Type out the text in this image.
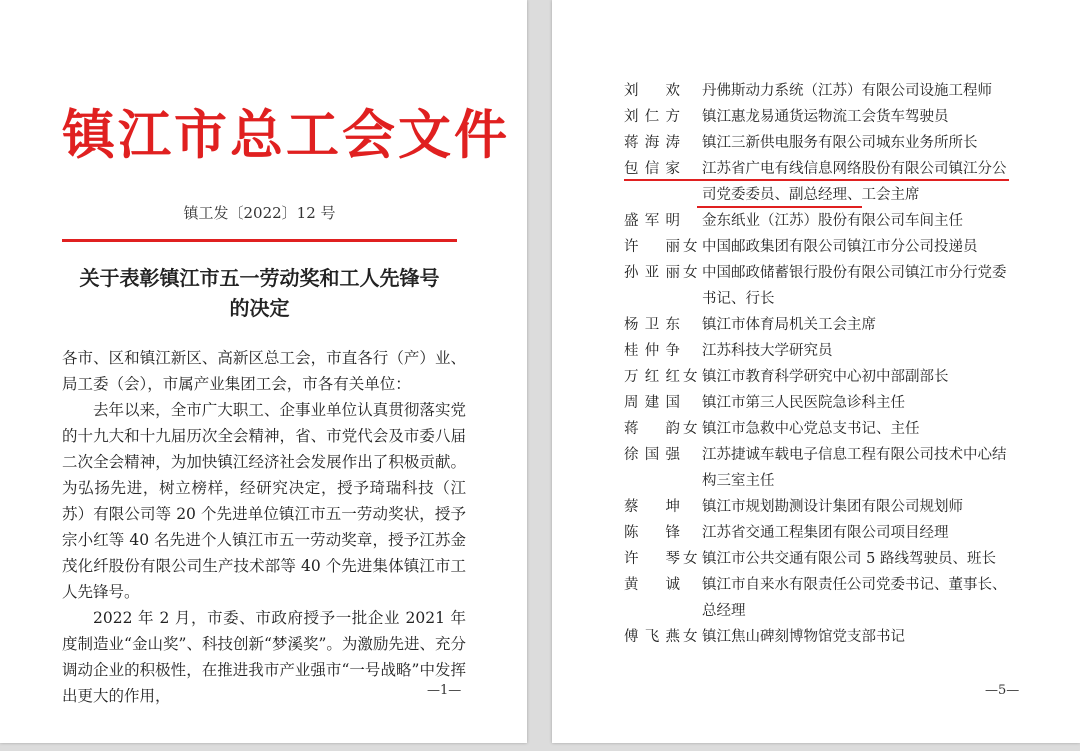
镇江市总工会文件
镇工发〔2022〕12 号
关于表彰镇江市五一劳动奖和工人先锋号
的决定

各市、区和镇江新区、高新区总工会，市直各行（产）业、局工委（会），市属产业集团工会，市各有关单位：

去年以来，全市广大职工、企事业单位认真贯彻落实党的十九大和十九届历次全会精神，省、市党代会及市委八届二次全会精神，为加快镇江经济社会发展作出了积极贡献。为弘扬先进，树立榜样，经研究决定，授予琦瑞科技（江苏）有限公司等 20 个先进单位镇江市五一劳动奖状，授予宗小红等 40 名先进个人镇江市五一劳动奖章，授予江苏金茂化纤股份有限公司生产技术部等 40 个先进集体镇江市工人先锋号。

2022 年 2 月，市委、市政府授予一批企业 2021 年度制造业“金山奖”、科技创新“梦溪奖”。为激励先进、充分调动企业的积极性，在推进我市产业强市“一号战略”中发挥出更大的作用，	—1—
刘　欢 丹佛斯动力系统（江苏）有限公司设施工程师
刘仁方 镇江惠龙易通货运物流工会货车驾驶员
蒋海涛 镇江三新供电服务有限公司城东业务所所长
包信家 江苏省广电有线信息网络股份有限公司镇江分公司党委委员、副总经理、工会主席
盛军明 金东纸业（江苏）股份有限公司车间主任
许　丽 女 中国邮政集团有限公司镇江市分公司投递员
孙亚丽 女 中国邮政储蓄银行股份有限公司镇江市分行党委书记、行长
杨卫东 镇江市体育局机关工会主席
桂仲争 江苏科技大学研究员
万红红 女 镇江市教育科学研究中心初中部副部长
周建国 镇江市第三人民医院急诊科主任
蒋　韵 女 镇江市急救中心党总支书记、主任
徐国强 江苏捷诚车载电子信息工程有限公司技术中心结构三室主任
蔡　坤 镇江市规划勘测设计集团有限公司规划师
陈　锋 江苏省交通工程集团有限公司项目经理
许　琴 女 镇江市公共交通有限公司 5 路线驾驶员、班长
黄　诚 镇江市自来水有限责任公司党委书记、董事长、总经理
傅飞燕 女 镇江焦山碑刻博物馆党支部书记
—5—
